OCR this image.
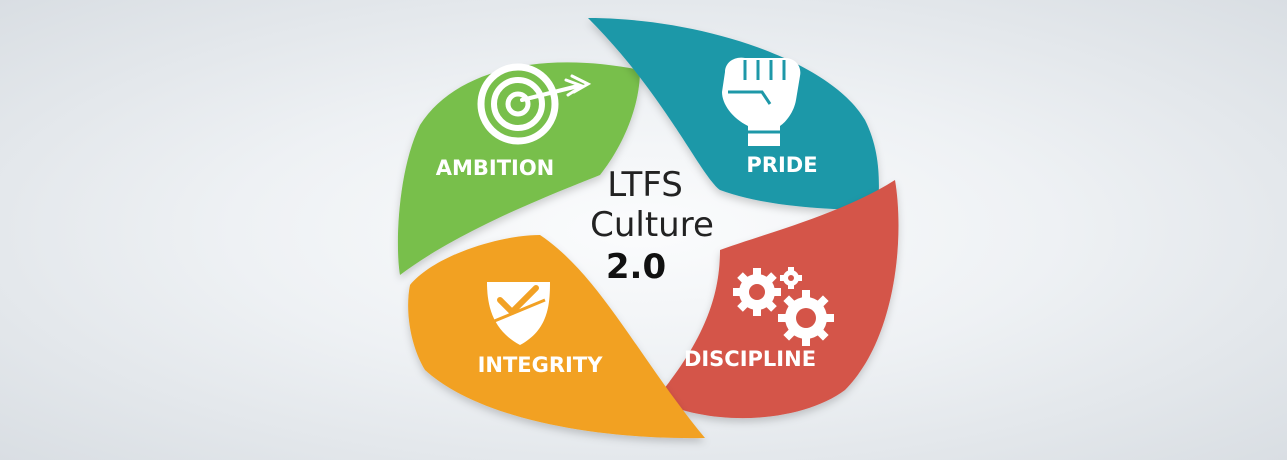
AMBITION	PRIDE
DISCIPLINE
INTEGRITY
LTFS
Culture
2.0
